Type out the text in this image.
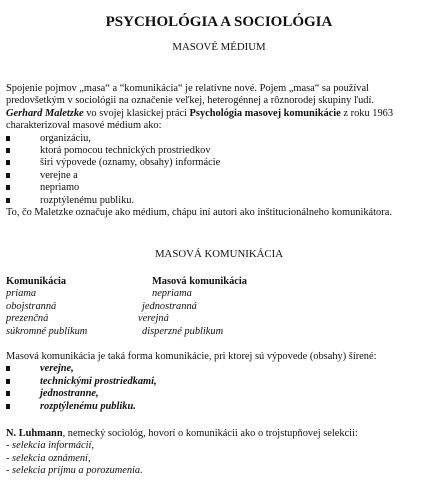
PSYCHOLÓGIA A SOCIOLÓGIA
MASOVÉ MÉDIUM
Spojenie pojmov „masa“ a “komunikácia“ je relatívne nové. Pojem „masa“ sa používal
predovšetkým v sociológii na označenie veľkej, heterogénnej a rôznorodej skupiny ľudí.
Gerhard Maletzke vo svojej klasickej práci Psychológia masovej komunikácie z roku 1963
charakterizoval masové médium ako:
organizáciu,
ktorá pomocou technických prostriedkov
širi výpovede (oznamy, obsahy) informácie
verejne a
nepriamo
rozptýlenému publiku.
To, čo Maletzke označuje ako médium, chápu iní autori ako inštitucionálneho komunikátora.
MASOVÁ KOMUNIKÁCIA
Komunikácia	Masová komunikácia
priama	nepriama
obojstranná	jednostranná
prezenčná	verejná
súkromné publikum	disperzné publikum
Masová komunikácia je taká forma komunikácie, pri ktorej sú výpovede (obsahy) šírené:
verejne,
technickými prostriedkami,
jednostranne,
rozptýlenému publiku.
N. Luhmann, nemecký sociológ, hovorí o komunikácii ako o trojstupňovej selekcii:
- selekcia informácií,
- selekcia oznámení,
- selekcia príjmu a porozumenia.
